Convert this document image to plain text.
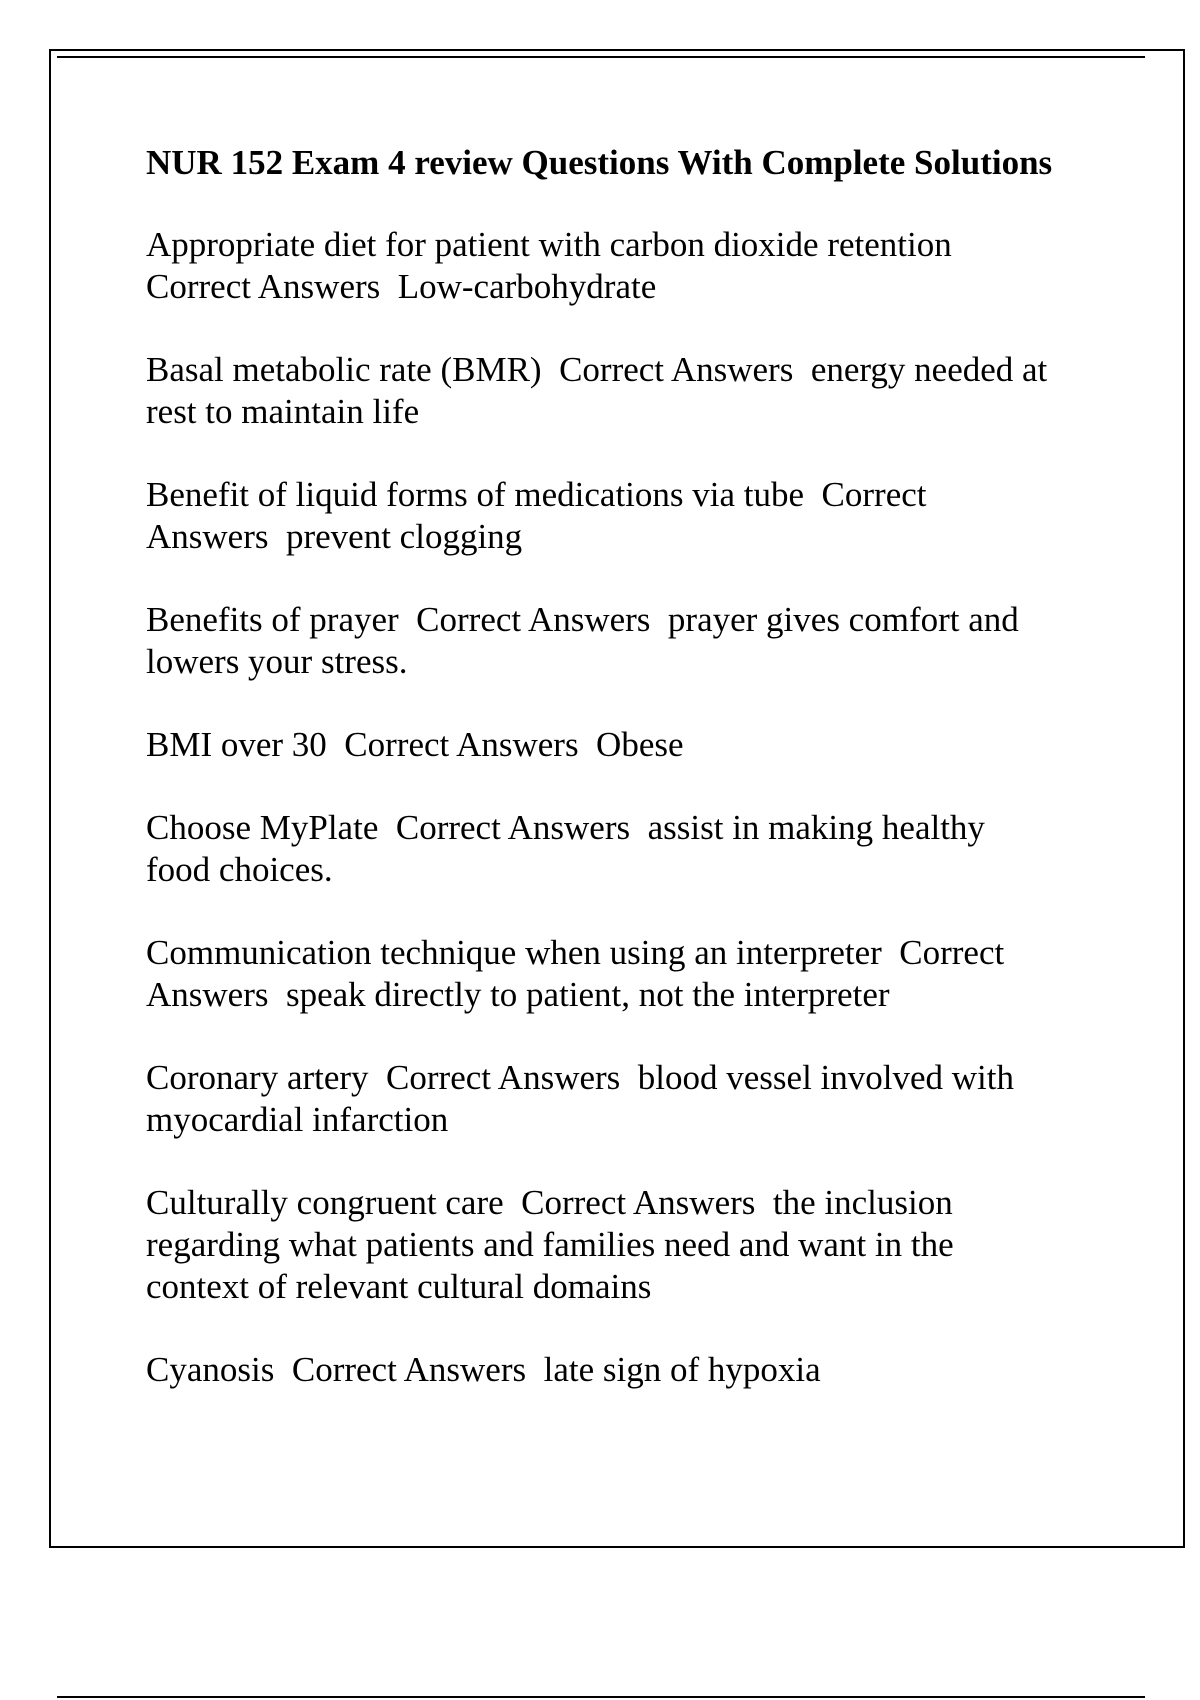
NUR 152 Exam 4 review Questions With Complete Solutions
Appropriate diet for patient with carbon dioxide retention
Correct Answers  Low-carbohydrate
Basal metabolic rate (BMR)  Correct Answers  energy needed at
rest to maintain life
Benefit of liquid forms of medications via tube  Correct
Answers  prevent clogging
Benefits of prayer  Correct Answers  prayer gives comfort and
lowers your stress.
BMI over 30  Correct Answers  Obese
Choose MyPlate  Correct Answers  assist in making healthy
food choices.
Communication technique when using an interpreter  Correct
Answers  speak directly to patient, not the interpreter
Coronary artery  Correct Answers  blood vessel involved with
myocardial infarction
Culturally congruent care  Correct Answers  the inclusion
regarding what patients and families need and want in the
context of relevant cultural domains
Cyanosis  Correct Answers  late sign of hypoxia
